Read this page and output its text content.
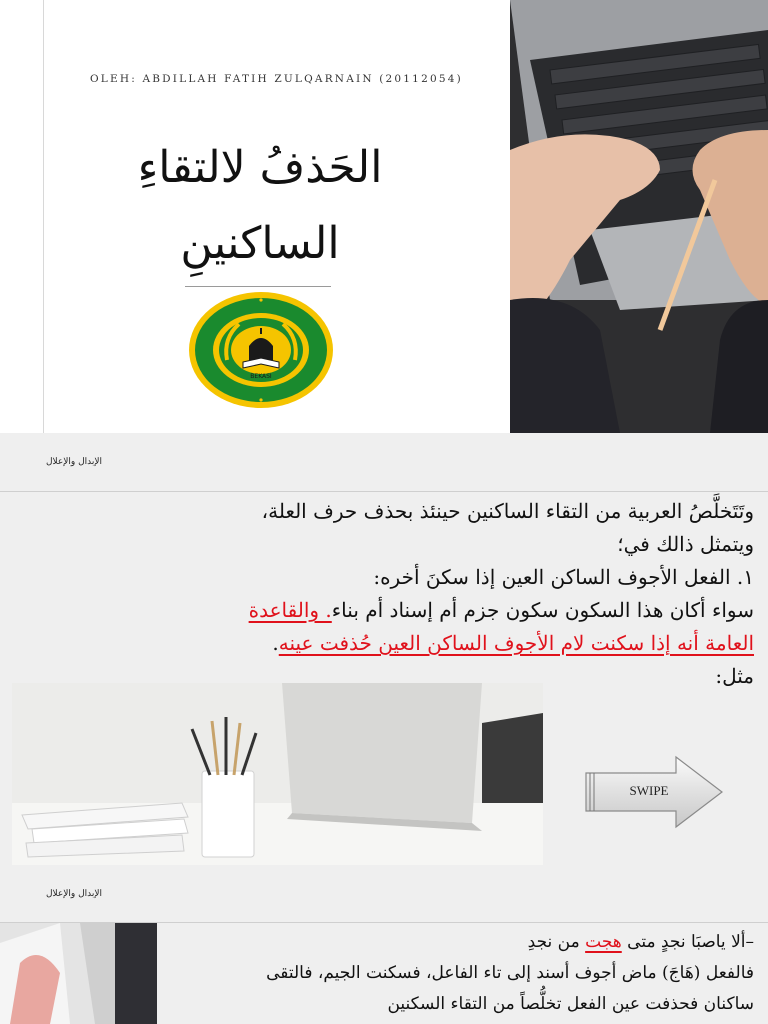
OLEH: ABDILLAH FATIH ZULQARNAIN (20112054)
الحَذفُ لالتقاءِ
الساكنينِ
BEKASI
الإبدال والإعلال
وتَتَخلَّصُ العربية من التقاء الساكنين حينئذ بحذف حرف العلة،
ويتمثل ذالك في؛
١. الفعل الأجوف الساكن العين إذا سكنَ أخره:
سواء أكان هذا السكون سكون جزم أم إسناد أم بناء. والقاعدة
العامة أنه إذا سكنت لام الأجوف الساكن العين حُذفت عينه.
مثل:
SWIPE
الإبدال والإعلال
–ألا ياصبَا نجدٍ متى هجت من نجدِ
فالفعل (هَاجَ) ماض أجوف أسند إلى تاء الفاعل، فسكنت الجيم، فالتقى
ساكنان فحذفت عين الفعل تخلُّصاً من التقاء السكنين
